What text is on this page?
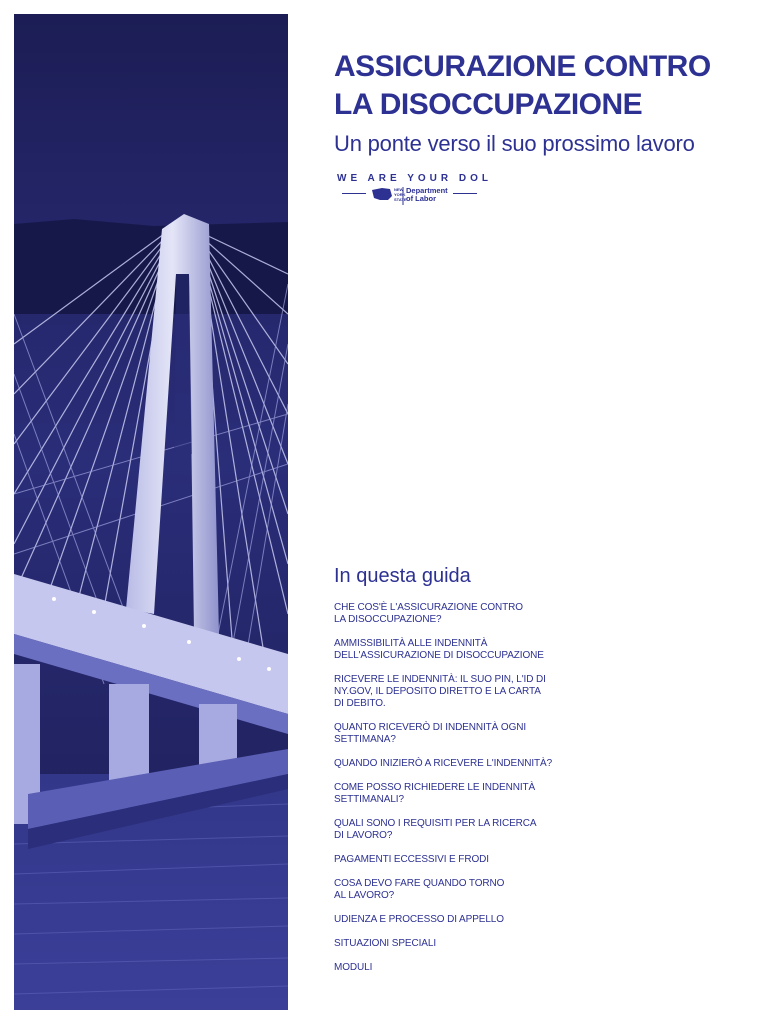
ASSICURAZIONE CONTRO
LA DISOCCUPAZIONE
Un ponte verso il suo prossimo lavoro
WE ARE YOUR DOL
NEW YORK STATE
Department
of Labor
In questa guida
CHE COS'È L'ASSICURAZIONE CONTRO
LA DISOCCUPAZIONE?
AMMISSIBILITÀ ALLE INDENNITÀ
DELL'ASSICURAZIONE DI DISOCCUPAZIONE
RICEVERE LE INDENNITÀ: IL SUO PIN, L'ID DI
NY.GOV, IL DEPOSITO DIRETTO E LA CARTA
DI DEBITO.
QUANTO RICEVERÒ DI INDENNITÀ OGNI
SETTIMANA?
QUANDO INIZIERÒ A RICEVERE L'INDENNITÀ?
COME POSSO RICHIEDERE LE INDENNITÀ
SETTIMANALI?
QUALI SONO I REQUISITI PER LA RICERCA
DI LAVORO?
PAGAMENTI ECCESSIVI E FRODI
COSA DEVO FARE QUANDO TORNO
AL LAVORO?
UDIENZA E PROCESSO DI APPELLO
SITUAZIONI SPECIALI
MODULI
